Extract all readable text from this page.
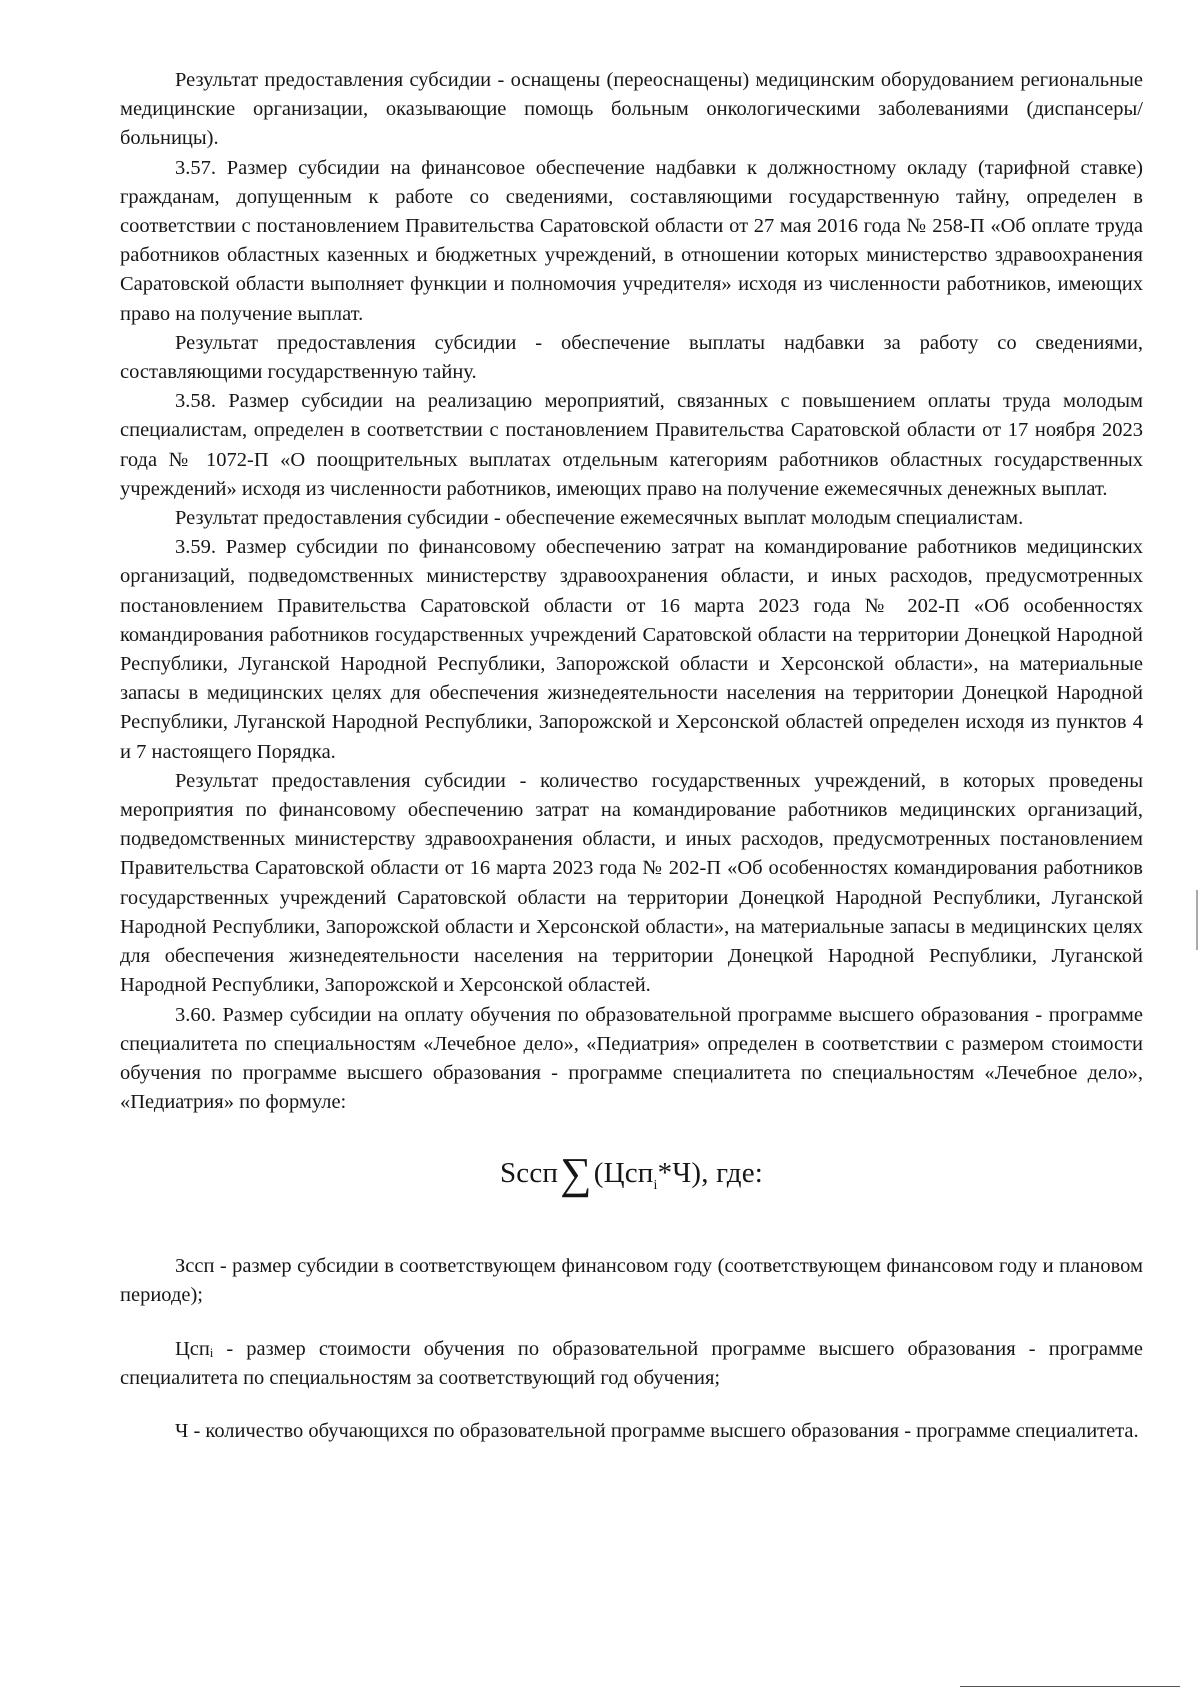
Результат предоставления субсидии - оснащены (переоснащены) медицинским оборудованием региональные медицинские организации, оказывающие помощь больным онкологическими заболеваниями (диспансеры/больницы).

3.57. Размер субсидии на финансовое обеспечение надбавки к должностному окладу (тарифной ставке) гражданам, допущенным к работе со сведениями, составляющими государственную тайну, определен в соответствии с постановлением Правительства Саратовской области от 27 мая 2016 года № 258-П «Об оплате труда работников областных казенных и бюджетных учреждений, в отношении которых министерство здравоохранения Саратовской области выполняет функции и полномочия учредителя» исходя из численности работников, имеющих право на получение выплат.

Результат предоставления субсидии - обеспечение выплаты надбавки за работу со сведениями, составляющими государственную тайну.

3.58. Размер субсидии на реализацию мероприятий, связанных с повышением оплаты труда молодым специалистам, определен в соответствии с постановлением Правительства Саратовской области от 17 ноября 2023 года № 1072-П «О поощрительных выплатах отдельным категориям работников областных государственных учреждений» исходя из численности работников, имеющих право на получение ежемесячных денежных выплат.

Результат предоставления субсидии - обеспечение ежемесячных выплат молодым специалистам.

3.59. Размер субсидии по финансовому обеспечению затрат на командирование работников медицинских организаций, подведомственных министерству здравоохранения области, и иных расходов, предусмотренных постановлением Правительства Саратовской области от 16 марта 2023 года № 202-П «Об особенностях командирования работников государственных учреждений Саратовской области на территории Донецкой Народной Республики, Луганской Народной Республики, Запорожской области и Херсонской области», на материальные запасы в медицинских целях для обеспечения жизнедеятельности населения на территории Донецкой Народной Республики, Луганской Народной Республики, Запорожской и Херсонской областей определен исходя из пунктов 4 и 7 настоящего Порядка.

Результат предоставления субсидии - количество государственных учреждений, в которых проведены мероприятия по финансовому обеспечению затрат на командирование работников медицинских организаций, подведомственных министерству здравоохранения области, и иных расходов, предусмотренных постановлением Правительства Саратовской области от 16 марта 2023 года № 202-П «Об особенностях командирования работников государственных учреждений Саратовской области на территории Донецкой Народной Республики, Луганской Народной Республики, Запорожской области и Херсонской области», на материальные запасы в медицинских целях для обеспечения жизнедеятельности населения на территории Донецкой Народной Республики, Луганской Народной Республики, Запорожской и Херсонской областей.

3.60. Размер субсидии на оплату обучения по образовательной программе высшего образования - программе специалитета по специальностям «Лечебное дело», «Педиатрия» определен в соответствии с размером стоимости обучения по программе высшего образования - программе специалитета по специальностям «Лечебное дело», «Педиатрия» по формуле:

Sссп∑(Цсп$_i$*Ч), где:

Зссп - размер субсидии в соответствующем финансовом году (соответствующем финансовом году и плановом периоде);

Цспᵢ - размер стоимости обучения по образовательной программе высшего образования - программе специалитета по специальностям за соответствующий год обучения;

Ч - количество обучающихся по образовательной программе высшего образования - программе специалитета.
